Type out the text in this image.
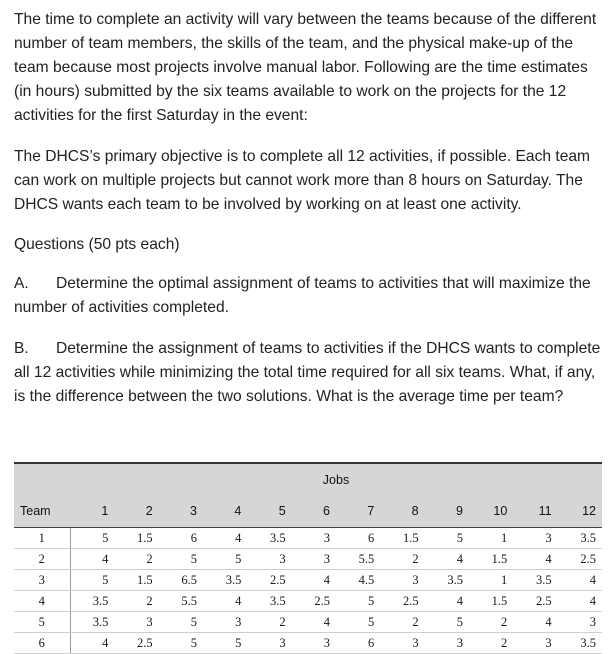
The time to complete an activity will vary between the teams because of the different number of team members, the skills of the team, and the physical make-up of the team because most projects involve manual labor. Following are the time estimates (in hours) submitted by the six teams available to work on the projects for the 12 activities for the first Saturday in the event:

The DHCS’s primary objective is to complete all 12 activities, if possible. Each team can work on multiple projects but cannot work more than 8 hours on Saturday. The DHCS wants each team to be involved by working on at least one activity.

Questions (50 pts each)

A. Determine the optimal assignment of teams to activities that will maximize the number of activities completed.

B. Determine the assignment of teams to activities if the DHCS wants to complete all 12 activities while minimizing the total time required for all six teams. What, if any, is the difference between the two solutions. What is the average time per team?

	Jobs											
Team	1	2	3	4	5	6	7	8	9	10	11	12
1	5	1.5	6	4	3.5	3	6	1.5	5	1	3	3.5
2	4	2	5	5	3	3	5.5	2	4	1.5	4	2.5
3	5	1.5	6.5	3.5	2.5	4	4.5	3	3.5	1	3.5	4
4	3.5	2	5.5	4	3.5	2.5	5	2.5	4	1.5	2.5	4
5	3.5	3	5	3	2	4	5	2	5	2	4	3
6	4	2.5	5	5	3	3	6	3	3	2	3	3.5
